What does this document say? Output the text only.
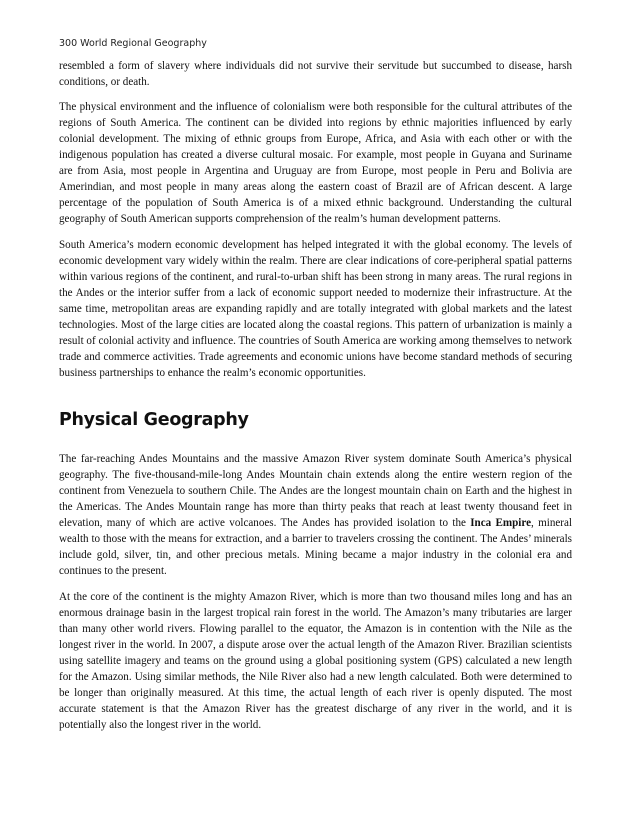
300 World Regional Geography

resembled a form of slavery where individuals did not survive their servitude but succumbed to disease, harsh conditions, or death.

The physical environment and the influence of colonialism were both responsible for the cultural attributes of the regions of South America. The continent can be divided into regions by ethnic majorities influenced by early colonial development. The mixing of ethnic groups from Europe, Africa, and Asia with each other or with the indigenous population has created a diverse cultural mosaic. For example, most people in Guyana and Suriname are from Asia, most people in Argentina and Uruguay are from Europe, most people in Peru and Bolivia are Amerindian, and most people in many areas along the eastern coast of Brazil are of African descent. A large percentage of the population of South America is of a mixed ethnic background. Understanding the cultural geography of South American supports comprehension of the realm’s human development patterns.

South America’s modern economic development has helped integrated it with the global economy. The levels of economic development vary widely within the realm. There are clear indications of core-peripheral spatial patterns within various regions of the continent, and rural-to-urban shift has been strong in many areas. The rural regions in the Andes or the interior suffer from a lack of economic support needed to modernize their infrastructure. At the same time, metropolitan areas are expanding rapidly and are totally integrated with global markets and the latest technologies. Most of the large cities are located along the coastal regions. This pattern of urbanization is mainly a result of colonial activity and influence. The countries of South America are working among themselves to network trade and commerce activities. Trade agreements and economic unions have become standard methods of securing business partnerships to enhance the realm’s economic opportunities.

Physical Geography

The far-reaching Andes Mountains and the massive Amazon River system dominate South America’s physical geography. The five-thousand-mile-long Andes Mountain chain extends along the entire western region of the continent from Venezuela to southern Chile. The Andes are the longest mountain chain on Earth and the highest in the Americas. The Andes Mountain range has more than thirty peaks that reach at least twenty thousand feet in elevation, many of which are active volcanoes. The Andes has provided isolation to the Inca Empire, mineral wealth to those with the means for extraction, and a barrier to travelers crossing the continent. The Andes’ minerals include gold, silver, tin, and other precious metals. Mining became a major industry in the colonial era and continues to the present.

At the core of the continent is the mighty Amazon River, which is more than two thousand miles long and has an enormous drainage basin in the largest tropical rain forest in the world. The Amazon’s many tributaries are larger than many other world rivers. Flowing parallel to the equator, the Amazon is in contention with the Nile as the longest river in the world. In 2007, a dispute arose over the actual length of the Amazon River. Brazilian scientists using satellite imagery and teams on the ground using a global positioning system (GPS) calculated a new length for the Amazon. Using similar methods, the Nile River also had a new length calculated. Both were determined to be longer than originally measured. At this time, the actual length of each river is openly disputed. The most accurate statement is that the Amazon River has the greatest discharge of any river in the world, and it is potentially also the longest river in the world.
